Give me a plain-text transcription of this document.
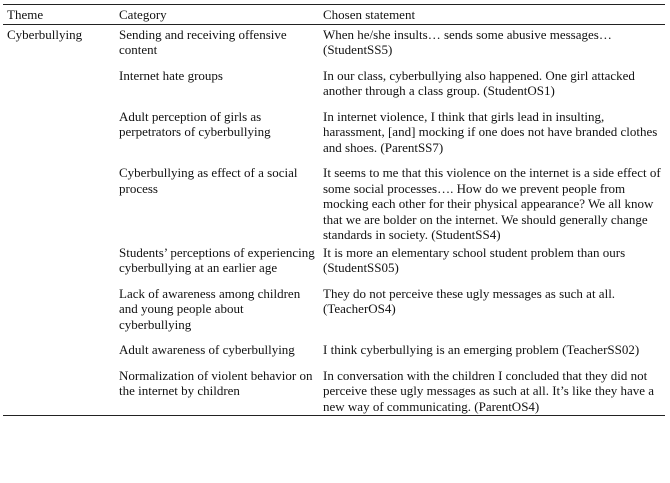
Theme	Category	Chosen statement
Cyberbullying	Sending and receiving offensive content	When he/she insults… sends some abusive messages… (StudentSS5)
	Internet hate groups	In our class, cyberbullying also happened. One girl attacked another through a class group. (StudentOS1)
	Adult perception of girls as perpetrators of cyberbullying	In internet violence, I think that girls lead in insulting, harassment, [and] mocking if one does not have branded clothes and shoes. (ParentSS7)
	Cyberbullying as effect of a social process	It seems to me that this violence on the internet is a side effect of some social processes…. How do we prevent people from mocking each other for their physical appearance? We all know that we are bolder on the internet. We should generally change standards in society. (StudentSS4)
	Students’ perceptions of experiencing cyberbullying at an earlier age	It is more an elementary school student problem than ours (StudentSS05)
	Lack of awareness among children and young people about cyberbullying	They do not perceive these ugly messages as such at all. (TeacherOS4)
	Adult awareness of cyberbullying	I think cyberbullying is an emerging problem (TeacherSS02)
	Normalization of violent behavior on the internet by children	In conversation with the children I concluded that they did not perceive these ugly messages as such at all. It’s like they have a new way of communicating. (ParentOS4)
